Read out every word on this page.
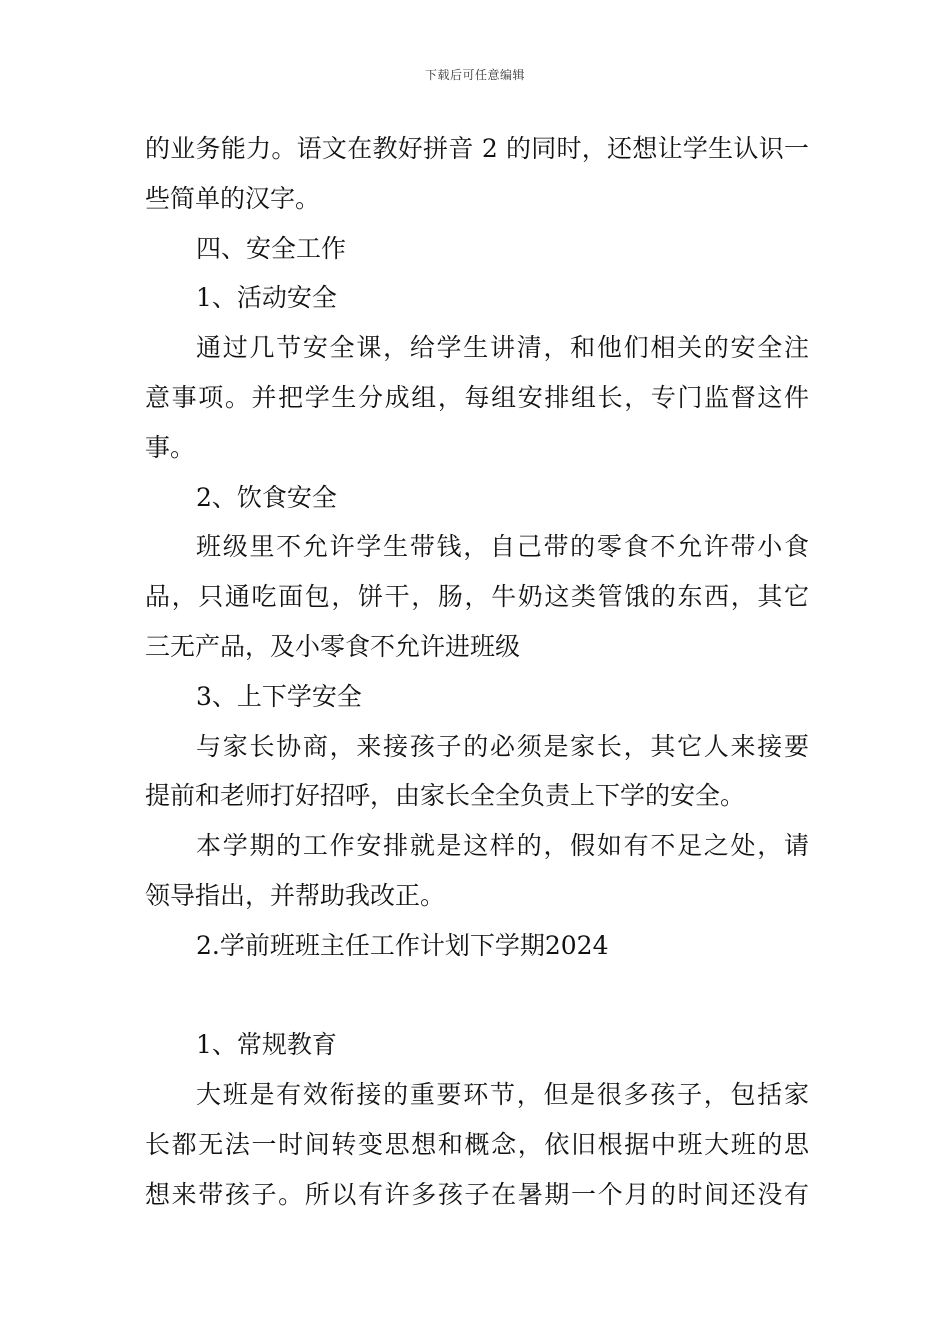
下载后可任意编辑
的业务能力。语文在教好拼音 2 的同时，还想让学生认识一
些简单的汉字。
四、安全工作
1、活动安全
通过几节安全课，给学生讲清，和他们相关的安全注
意事项。并把学生分成组，每组安排组长，专门监督这件
事。
2、饮食安全
班级里不允许学生带钱，自己带的零食不允许带小食
品，只通吃面包，饼干，肠，牛奶这类管饿的东西，其它
三无产品，及小零食不允许进班级
3、上下学安全
与家长协商，来接孩子的必须是家长，其它人来接要
提前和老师打好招呼，由家长全全负责上下学的安全。
本学期的工作安排就是这样的，假如有不足之处，请
领导指出，并帮助我改正。
2.学前班班主任工作计划下学期2024
1、常规教育
大班是有效衔接的重要环节，但是很多孩子，包括家
长都无法一时间转变思想和概念，依旧根据中班大班的思
想来带孩子。所以有许多孩子在暑期一个月的时间还没有
